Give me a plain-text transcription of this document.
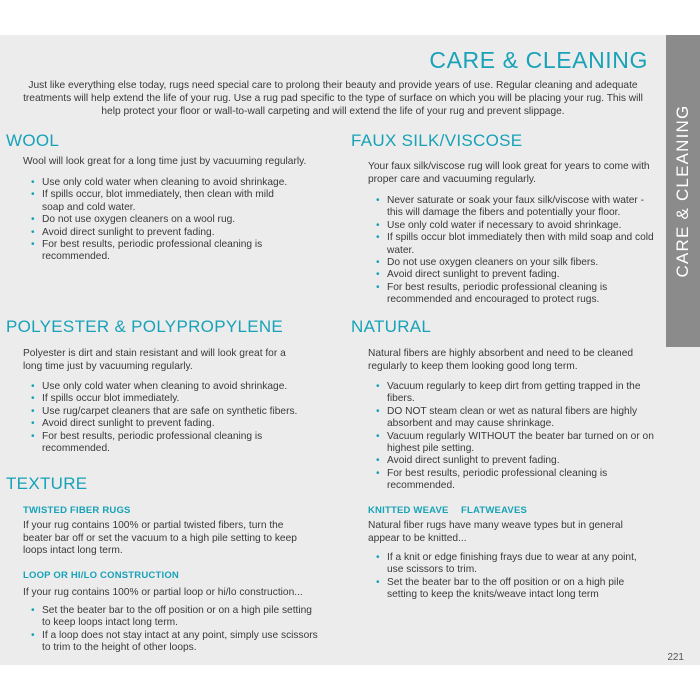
CARE & CLEANING
CARE & CLEANING

Just like everything else today, rugs need special care to prolong their beauty and provide years of use. Regular cleaning and adequate treatments will help extend the life of your rug. Use a rug pad specific to the type of surface on which you will be placing your rug. This will help protect your floor or wall-to-wall carpeting and will extend the life of your rug and prevent slippage.

WOOL

Wool will look great for a long time just by vacuuming regularly.

• Use only cold water when cleaning to avoid shrinkage.
• If spills occur, blot immediately, then clean with mild soap and cold water.
• Do not use oxygen cleaners on a wool rug.
• Avoid direct sunlight to prevent fading.
• For best results, periodic professional cleaning is recommended.
FAUX SILK/VISCOSE

Your faux silk/viscose rug will look great for years to come with proper care and vacuuming regularly.

• Never saturate or soak your faux silk/viscose with water - this will damage the fibers and potentially your floor.
• Use only cold water if necessary to avoid shrinkage.
• If spills occur blot immediately then with mild soap and cold water.
• Do not use oxygen cleaners on your silk fibers.
• Avoid direct sunlight to prevent fading.
• For best results, periodic professional cleaning is recommended and encouraged to protect rugs.
POLYESTER & POLYPROPYLENE

Polyester is dirt and stain resistant and will look great for a long time just by vacuuming regularly.

• Use only cold water when cleaning to avoid shrinkage.
• If spills occur blot immediately.
• Use rug/carpet cleaners that are safe on synthetic fibers.
• Avoid direct sunlight to prevent fading.
• For best results, periodic professional cleaning is recommended.
NATURAL

Natural fibers are highly absorbent and need to be cleaned regularly to keep them looking good long term.

• Vacuum regularly to keep dirt from getting trapped in the fibers.
• DO NOT steam clean or wet as natural fibers are highly absorbent and may cause shrinkage.
• Vacuum regularly WITHOUT the beater bar turned on or on highest pile setting.
• Avoid direct sunlight to prevent fading.
• For best results, periodic professional cleaning is recommended.
TEXTURE
TWISTED FIBER RUGS

If your rug contains 100% or partial twisted fibers, turn the beater bar off or set the vacuum to a high pile setting to keep loops intact long term.

LOOP OR HI/LO CONSTRUCTION

If your rug contains 100% or partial loop or hi/lo construction...

• Set the beater bar to the off position or on a high pile setting to keep loops intact long term.
• If a loop does not stay intact at any point, simply use scissors to trim to the height of other loops.
KNITTED WEAVE FLATWEAVES

Natural fiber rugs have many weave types but in general appear to be knitted...

• If a knit or edge finishing frays due to wear at any point, use scissors to trim.
• Set the beater bar to the off position or on a high pile setting to keep the knits/weave intact long term
221
